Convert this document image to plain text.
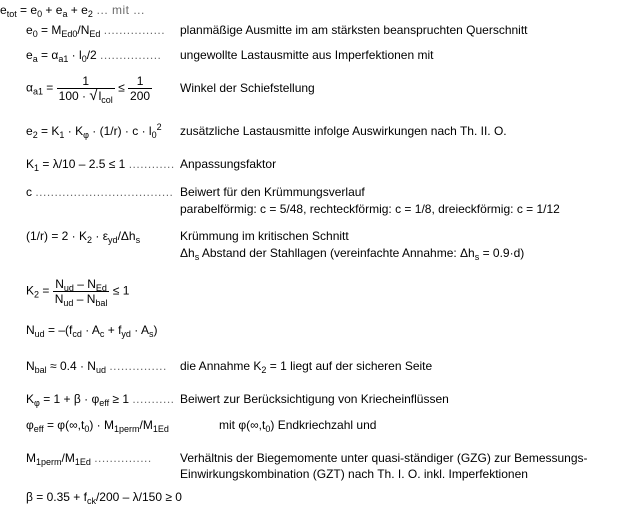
$e_{tot} = e_0 + e_a + e_2$ ... mit ...
$e_0 = M_{Ed0}/N_{Ed}$ ................ planmäßige Ausmitte im am stärksten beanspruchten Querschnitt
$e_a = \alpha_{a1} \cdot l_0/2$ ................ ungewollte Lastausmitte aus Imperfektionen mit
$\alpha_{a1} = \frac{1}{100 \cdot √l_{col}} \le \frac{1}{200}$ Winkel der Schiefstellung
$e_2 = K_1 \cdot K_\varphi \cdot (1/r) \cdot c \cdot l_0^2$ zusätzliche Lastausmitte infolge Auswirkungen nach Th. II. O.
$K_1 = \lambda/10 - 2.5 \le 1$ ............ Anpassungsfaktor
c .................................... Beiwert für den Krümmungsverlauf
parabelförmig: c = 5/48, rechteckförmig: c = 1/8, dreieckförmig: c = 1/12
$(1/r) = 2 \cdot K_2 \cdot \varepsilon_{yd}/\Delta h_s$	Krümmung im kritischen Schnitt
$\Delta h_s$ Abstand der Stahllagen (vereinfachte Annahme: $\Delta h_s = 0.9\cdot d$)
$K_2 = \frac{N_{ud} - N_{Ed}}{N_{ud} - N_{bal}} \le 1$
$N_{ud} = -(f_{cd} \cdot A_c + f_{yd} \cdot A_s)$
$N_{bal} \approx 0.4 \cdot N_{ud}$ ............... die Annahme $K_2 = 1$ liegt auf der sicheren Seite
$K_\varphi = 1 + \beta \cdot \varphi_{eff} \ge 1$ ........... Beiwert zur Berücksichtigung von Kriecheinflüssen
$\varphi_{eff} = \varphi(\infty,t_0) \cdot M_{1perm}/M_{1Ed}$	mit $\varphi(\infty,t_0)$ Endkriechzahl und
$M_{1perm}/M_{1Ed}$ ............... Verhältnis der Biegemomente unter quasi-ständiger (GZG) zur Bemessungs-
Einwirkungskombination (GZT) nach Th. I. O. inkl. Imperfektionen
$\beta = 0.35 + f_{ck}/200 - \lambda/150 \ge 0$
